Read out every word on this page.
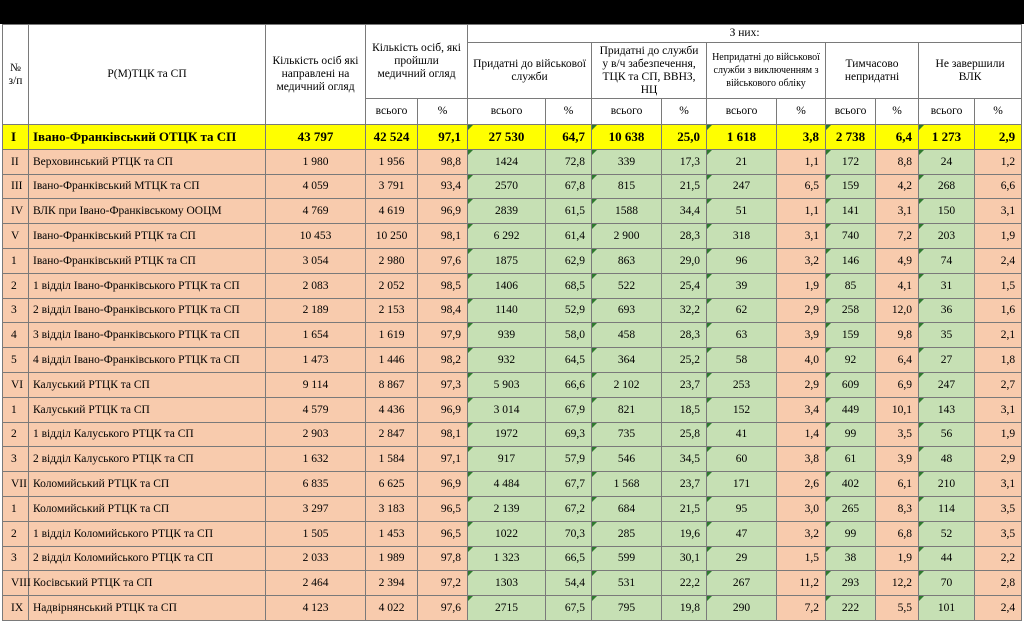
№ з/п	Р(М)ТЦК та СП	Кількість осіб які направлені на медичний огляд	Кількість осіб, які пройшли медичний огляд		З них:									
					Придатні до військової служби		Придатні до служби у в/ч забезпечення, ТЦК та СП, ВВНЗ, НЦ		Непридатні до військової служби з виключенням з військового обліку		Тимчасово непридатні		Не завершили ВЛК	
			всього	%	всього	%	всього	%	всього	%	всього	%	всього	%
I	Івано-Франківський ОТЦК та СП	43 797	42 524	97,1	27 530	64,7	10 638	25,0	1 618	3,8	2 738	6,4	1 273	2,9
II	Верховинський РТЦК та СП	1 980	1 956	98,8	1424	72,8	339	17,3	21	1,1	172	8,8	24	1,2
III	Івано-Франківський МТЦК та СП	4 059	3 791	93,4	2570	67,8	815	21,5	247	6,5	159	4,2	268	6,6
IV	ВЛК при Івано-Франківському ООЦМ	4 769	4 619	96,9	2839	61,5	1588	34,4	51	1,1	141	3,1	150	3,1
V	Івано-Франківський РТЦК та СП	10 453	10 250	98,1	6 292	61,4	2 900	28,3	318	3,1	740	7,2	203	1,9
1	Івано-Франківський РТЦК та СП	3 054	2 980	97,6	1875	62,9	863	29,0	96	3,2	146	4,9	74	2,4
2	1 відділ Івано-Франківського РТЦК та СП	2 083	2 052	98,5	1406	68,5	522	25,4	39	1,9	85	4,1	31	1,5
3	2 відділ Івано-Франківського РТЦК та СП	2 189	2 153	98,4	1140	52,9	693	32,2	62	2,9	258	12,0	36	1,6
4	3 відділ Івано-Франківського РТЦК та СП	1 654	1 619	97,9	939	58,0	458	28,3	63	3,9	159	9,8	35	2,1
5	4 відділ Івано-Франківського РТЦК та СП	1 473	1 446	98,2	932	64,5	364	25,2	58	4,0	92	6,4	27	1,8
VI	Калуський РТЦК та СП	9 114	8 867	97,3	5 903	66,6	2 102	23,7	253	2,9	609	6,9	247	2,7
1	Калуський РТЦК та СП	4 579	4 436	96,9	3 014	67,9	821	18,5	152	3,4	449	10,1	143	3,1
2	1 відділ Калуського РТЦК та СП	2 903	2 847	98,1	1972	69,3	735	25,8	41	1,4	99	3,5	56	1,9
3	2 відділ Калуського РТЦК та СП	1 632	1 584	97,1	917	57,9	546	34,5	60	3,8	61	3,9	48	2,9
VII	Коломийський РТЦК та СП	6 835	6 625	96,9	4 484	67,7	1 568	23,7	171	2,6	402	6,1	210	3,1
1	Коломийський РТЦК та СП	3 297	3 183	96,5	2 139	67,2	684	21,5	95	3,0	265	8,3	114	3,5
2	1 відділ Коломийського РТЦК та СП	1 505	1 453	96,5	1022	70,3	285	19,6	47	3,2	99	6,8	52	3,5
3	2 відділ Коломийського РТЦК та СП	2 033	1 989	97,8	1 323	66,5	599	30,1	29	1,5	38	1,9	44	2,2
VIII	Косівський РТЦК та СП	2 464	2 394	97,2	1303	54,4	531	22,2	267	11,2	293	12,2	70	2,8
IX	Надвірнянський РТЦК та СП	4 123	4 022	97,6	2715	67,5	795	19,8	290	7,2	222	5,5	101	2,4
